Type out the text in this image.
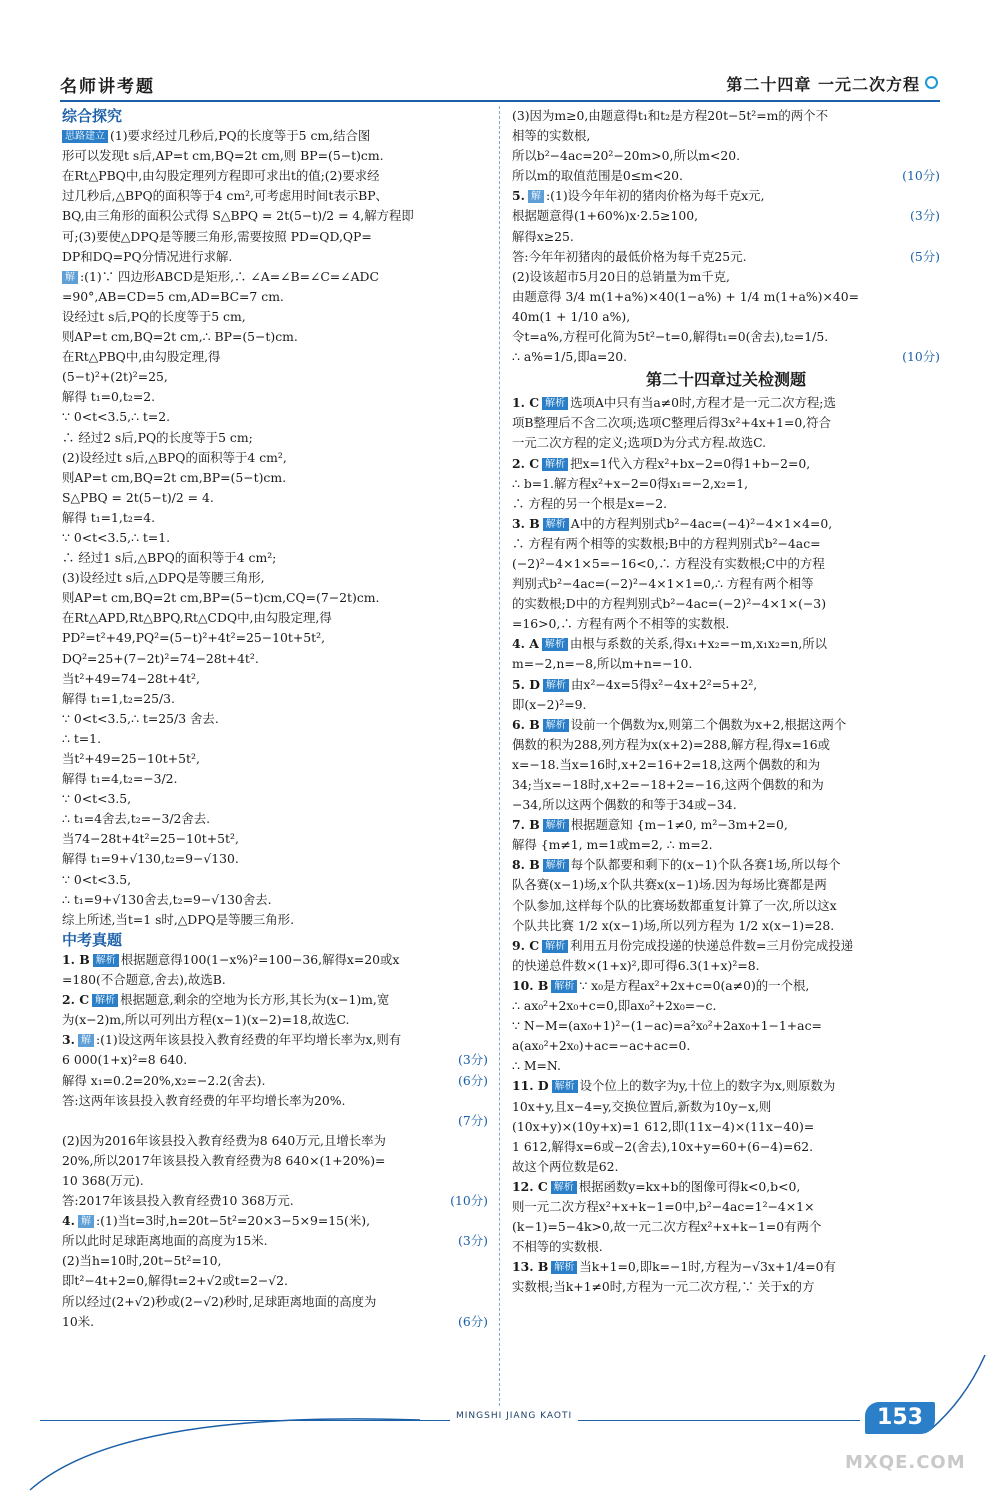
名师讲考题	第二十四章 一元二次方程
综合探究
思路建立 (1)要求经过几秒后,PQ的长度等于5 cm,结合图
形可以发现t s后,AP=t cm,BQ=2t cm,则 BP=(5−t)cm.
在Rt△PBQ中,由勾股定理列方程即可求出t的值;(2)要求经
过几秒后,△BPQ的面积等于4 cm²,可考虑用时间t表示BP、
BQ,由三角形的面积公式得 S△BPQ = 2t(5−t)/2 = 4,解方程即
可;(3)要使△DPQ是等腰三角形,需要按照 PD=QD,QP=
DP和DQ=PQ分情况进行求解.
解 :(1)∵ 四边形ABCD是矩形,∴ ∠A=∠B=∠C=∠ADC
=90°,AB=CD=5 cm,AD=BC=7 cm.
设经过t s后,PQ的长度等于5 cm,
则AP=t cm,BQ=2t cm,∴ BP=(5−t)cm.
在Rt△PBQ中,由勾股定理,得
(5−t)²+(2t)²=25,
解得 t₁=0,t₂=2.
∵ 0<t<3.5,∴ t=2.
∴ 经过2 s后,PQ的长度等于5 cm;
(2)设经过t s后,△BPQ的面积等于4 cm²,
则AP=t cm,BQ=2t cm,BP=(5−t)cm.
S△PBQ = 2t(5−t)/2 = 4.
解得 t₁=1,t₂=4.
∵ 0<t<3.5,∴ t=1.
∴ 经过1 s后,△BPQ的面积等于4 cm²;
(3)设经过t s后,△DPQ是等腰三角形,
则AP=t cm,BQ=2t cm,BP=(5−t)cm,CQ=(7−2t)cm.
在Rt△APD,Rt△BPQ,Rt△CDQ中,由勾股定理,得
PD²=t²+49,PQ²=(5−t)²+4t²=25−10t+5t²,
DQ²=25+(7−2t)²=74−28t+4t².
当t²+49=74−28t+4t²,
解得 t₁=1,t₂=25/3.
∵ 0<t<3.5,∴ t=25/3 舍去.
∴ t=1.
当t²+49=25−10t+5t²,
解得 t₁=4,t₂=−3/2.
∵ 0<t<3.5,
∴ t₁=4舍去,t₂=−3/2舍去.
当74−28t+4t²=25−10t+5t²,
解得 t₁=9+√130,t₂=9−√130.
∵ 0<t<3.5,
∴ t₁=9+√130舍去,t₂=9−√130舍去.
综上所述,当t=1 s时,△DPQ是等腰三角形.
中考真题
1. B 解析 根据题意得100(1−x%)²=100−36,解得x=20或x
=180(不合题意,舍去),故选B.
2. C 解析 根据题意,剩余的空地为长方形,其长为(x−1)m,宽
为(x−2)m,所以可列出方程(x−1)(x−2)=18,故选C.
3. 解 :(1)设这两年该县投入教育经费的年平均增长率为x,则有
(3分)
6 000(1+x)²=8 640.
(6分)
解得 x₁=0.2=20%,x₂=−2.2(舍去).
答:这两年该县投入教育经费的年平均增长率为20%.
(7分)
(2)因为2016年该县投入教育经费为8 640万元,且增长率为
20%,所以2017年该县投入教育经费为8 640×(1+20%)=
10 368(万元).
(10分)
答:2017年该县投入教育经费10 368万元.
4. 解 :(1)当t=3时,h=20t−5t²=20×3−5×9=15(米),
(3分)
所以此时足球距离地面的高度为15米.
(2)当h=10时,20t−5t²=10,
即t²−4t+2=0,解得t=2+√2或t=2−√2.
所以经过(2+√2)秒或(2−√2)秒时,足球距离地面的高度为
(6分)
10米.
(3)因为m≥0,由题意得t₁和t₂是方程20t−5t²=m的两个不
相等的实数根,
所以b²−4ac=20²−20m>0,所以m<20.
(10分)
所以m的取值范围是0≤m<20.
5. 解 :(1)设今年年初的猪肉价格为每千克x元,
(3分)
根据题意得(1+60%)x·2.5≥100,
解得x≥25.
(5分)
答:今年年初猪肉的最低价格为每千克25元.
(2)设该超市5月20日的总销量为m千克,
由题意得 3/4 m(1+a%)×40(1−a%) + 1/4 m(1+a%)×40=
40m(1 + 1/10 a%),
令t=a%,方程可化简为5t²−t=0,解得t₁=0(舍去),t₂=1/5.
(10分)
∴ a%=1/5,即a=20.
第二十四章过关检测题
1. C 解析 选项A中只有当a≠0时,方程才是一元二次方程;选
项B整理后不含二次项;选项C整理后得3x²+4x+1=0,符合
一元二次方程的定义;选项D为分式方程.故选C.
2. C 解析 把x=1代入方程x²+bx−2=0得1+b−2=0,
∴ b=1.解方程x²+x−2=0得x₁=−2,x₂=1,
∴ 方程的另一个根是x=−2.
3. B 解析 A中的方程判别式b²−4ac=(−4)²−4×1×4=0,
∴ 方程有两个相等的实数根;B中的方程判别式b²−4ac=
(−2)²−4×1×5=−16<0,∴ 方程没有实数根;C中的方程
判别式b²−4ac=(−2)²−4×1×1=0,∴ 方程有两个相等
的实数根;D中的方程判别式b²−4ac=(−2)²−4×1×(−3)
=16>0,∴ 方程有两个不相等的实数根.
4. A 解析 由根与系数的关系,得x₁+x₂=−m,x₁x₂=n,所以
m=−2,n=−8,所以m+n=−10.
5. D 解析 由x²−4x=5得x²−4x+2²=5+2²,
即(x−2)²=9.
6. B 解析 设前一个偶数为x,则第二个偶数为x+2,根据这两个
偶数的积为288,列方程为x(x+2)=288,解方程,得x=16或
x=−18.当x=16时,x+2=16+2=18,这两个偶数的和为
34;当x=−18时,x+2=−18+2=−16,这两个偶数的和为
−34,所以这两个偶数的和等于34或−34.
7. B 解析 根据题意知 {m−1≠0, m²−3m+2=0,
解得 {m≠1, m=1或m=2, ∴ m=2.
8. B 解析 每个队都要和剩下的(x−1)个队各赛1场,所以每个
队各赛(x−1)场,x个队共赛x(x−1)场.因为每场比赛都是两
个队参加,这样每个队的比赛场数都重复计算了一次,所以这x
个队共比赛 1/2 x(x−1)场,所以列方程为 1/2 x(x−1)=28.
9. C 解析 利用五月份完成投递的快递总件数=三月份完成投递
的快递总件数×(1+x)²,即可得6.3(1+x)²=8.
10. B 解析 ∵ x₀是方程ax²+2x+c=0(a≠0)的一个根,
∴ ax₀²+2x₀+c=0,即ax₀²+2x₀=−c.
∵ N−M=(ax₀+1)²−(1−ac)=a²x₀²+2ax₀+1−1+ac=
a(ax₀²+2x₀)+ac=−ac+ac=0.
∴ M=N.
11. D 解析 设个位上的数字为y,十位上的数字为x,则原数为
10x+y,且x−4=y,交换位置后,新数为10y−x,则
(10x+y)×(10y+x)=1 612,即(11x−4)×(11x−40)=
1 612,解得x=6或−2(舍去),10x+y=60+(6−4)=62.
故这个两位数是62.
12. C 解析 根据函数y=kx+b的图像可得k<0,b<0,
则一元二次方程x²+x+k−1=0中,b²−4ac=1²−4×1×
(k−1)=5−4k>0,故一元二次方程x²+x+k−1=0有两个
不相等的实数根.
13. B 解析 当k+1=0,即k=−1时,方程为−√3x+1/4=0有
实数根;当k+1≠0时,方程为一元二次方程,∵ 关于x的方
MINGSHI JIANG KAOTI	153
MXQE.COM
